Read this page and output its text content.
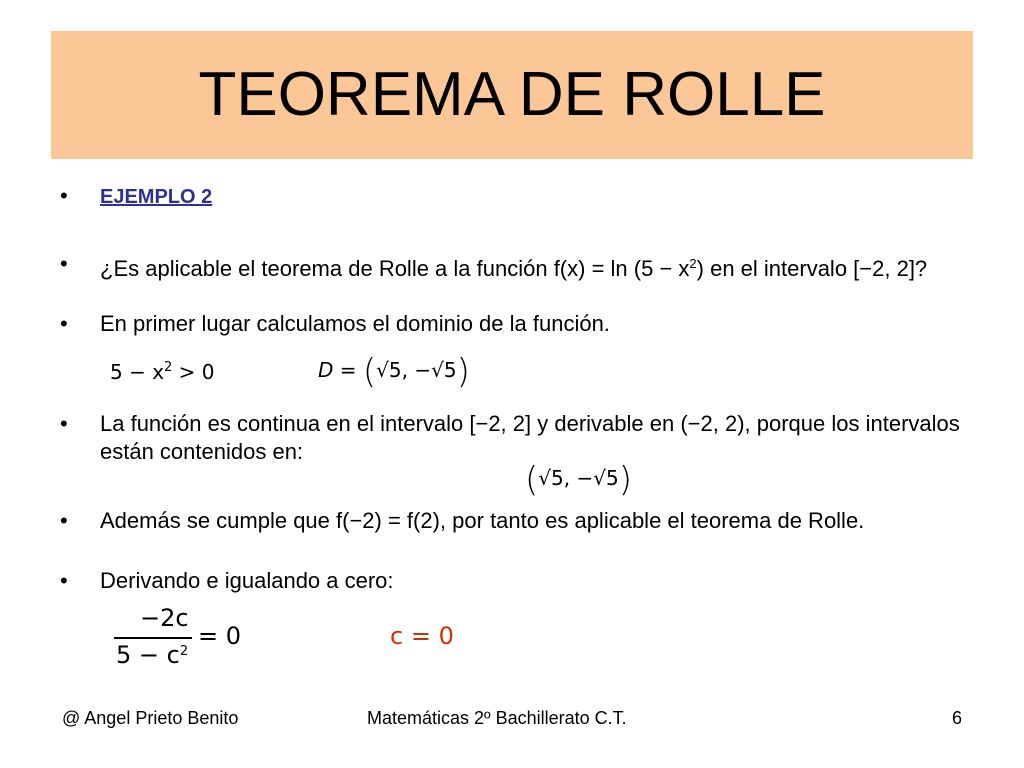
TEOREMA DE ROLLE
• EJEMPLO 2
• ¿Es aplicable el teorema de Rolle a la función $f(x) = \ln (5 - x^2)$ en el intervalo [−2, 2]?
• En primer lugar calculamos el dominio de la función.
$5 - x^2 > 0$	D = (√5, −√5)
• La función es continua en el intervalo [−2, 2] y derivable en (−2, 2), porque los intervalos están contenidos en:
(√5, −√5)
• Además se cumple que f(−2) = f(2), por tanto es aplicable el teorema de Rolle.
• Derivando e igualando a cero:
−2c
$5 - c^2$
= 0	c = 0
@ Angel Prieto Benito	Matemáticas 2º Bachillerato C.T.	6
